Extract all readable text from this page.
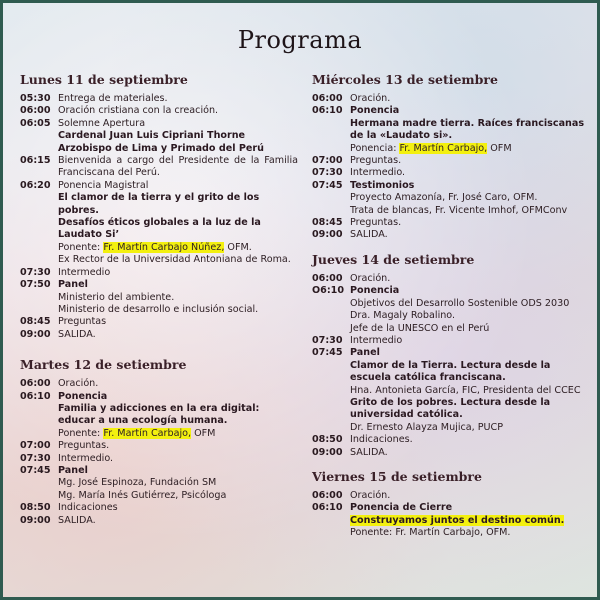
Programa
Lunes 11 de septiembre
05:30 Entrega de materiales.
06:00 Oración cristiana con la creación.
06:05 Solemne Apertura
Cardenal Juan Luis Cipriani Thorne
Arzobispo de Lima y Primado del Perú
06:15 Bienvenida a cargo del Presidente de la Familia Franciscana del Perú.
06:20 Ponencia Magistral
El clamor de la tierra y el grito de los pobres.
Desafíos éticos globales a la luz de la Laudato Si’
Ponente: Fr. Martín Carbajo Núñez, OFM.
Ex Rector de la Universidad Antoniana de Roma.
07:30 Intermedio
07:50 Panel
Ministerio del ambiente.
Ministerio de desarrollo e inclusión social.
08:45 Preguntas
09:00 SALIDA.
Martes 12 de setiembre
06:00 Oración.
06:10 Ponencia
Familia y adicciones en la era digital: educar a una ecología humana.
Ponente: Fr. Martín Carbajo, OFM
07:00 Preguntas.
07:30 Intermedio.
07:45 Panel
Mg. José Espinoza, Fundación SM
Mg. María Inés Gutiérrez, Psicóloga
08:50 Indicaciones
09:00 SALIDA.
Miércoles 13 de setiembre
06:00 Oración.
06:10 Ponencia
Hermana madre tierra. Raíces franciscanas de la «Laudato si».
Ponencia: Fr. Martín Carbajo, OFM
07:00 Preguntas.
07:30 Intermedio.
07:45 Testimonios
Proyecto Amazonía, Fr. José Caro, OFM.
Trata de blancas, Fr. Vicente Imhof, OFMConv
08:45 Preguntas.
09:00 SALIDA.
Jueves 14 de setiembre
06:00 Oración.
O6:10 Ponencia
Objetivos del Desarrollo Sostenible ODS 2030
Dra. Magaly Robalino.
Jefe de la UNESCO en el Perú
07:30 Intermedio
07:45 Panel
Clamor de la Tierra. Lectura desde la escuela católica franciscana.
Hna. Antonieta García, FIC, Presidenta del CCEC
Grito de los pobres. Lectura desde la universidad católica.
Dr. Ernesto Alayza Mujica, PUCP
08:50 Indicaciones.
09:00 SALIDA.
Viernes 15 de setiembre
06:00 Oración.
06:10 Ponencia de Cierre
Construyamos juntos el destino común.
Ponente: Fr. Martín Carbajo, OFM.
